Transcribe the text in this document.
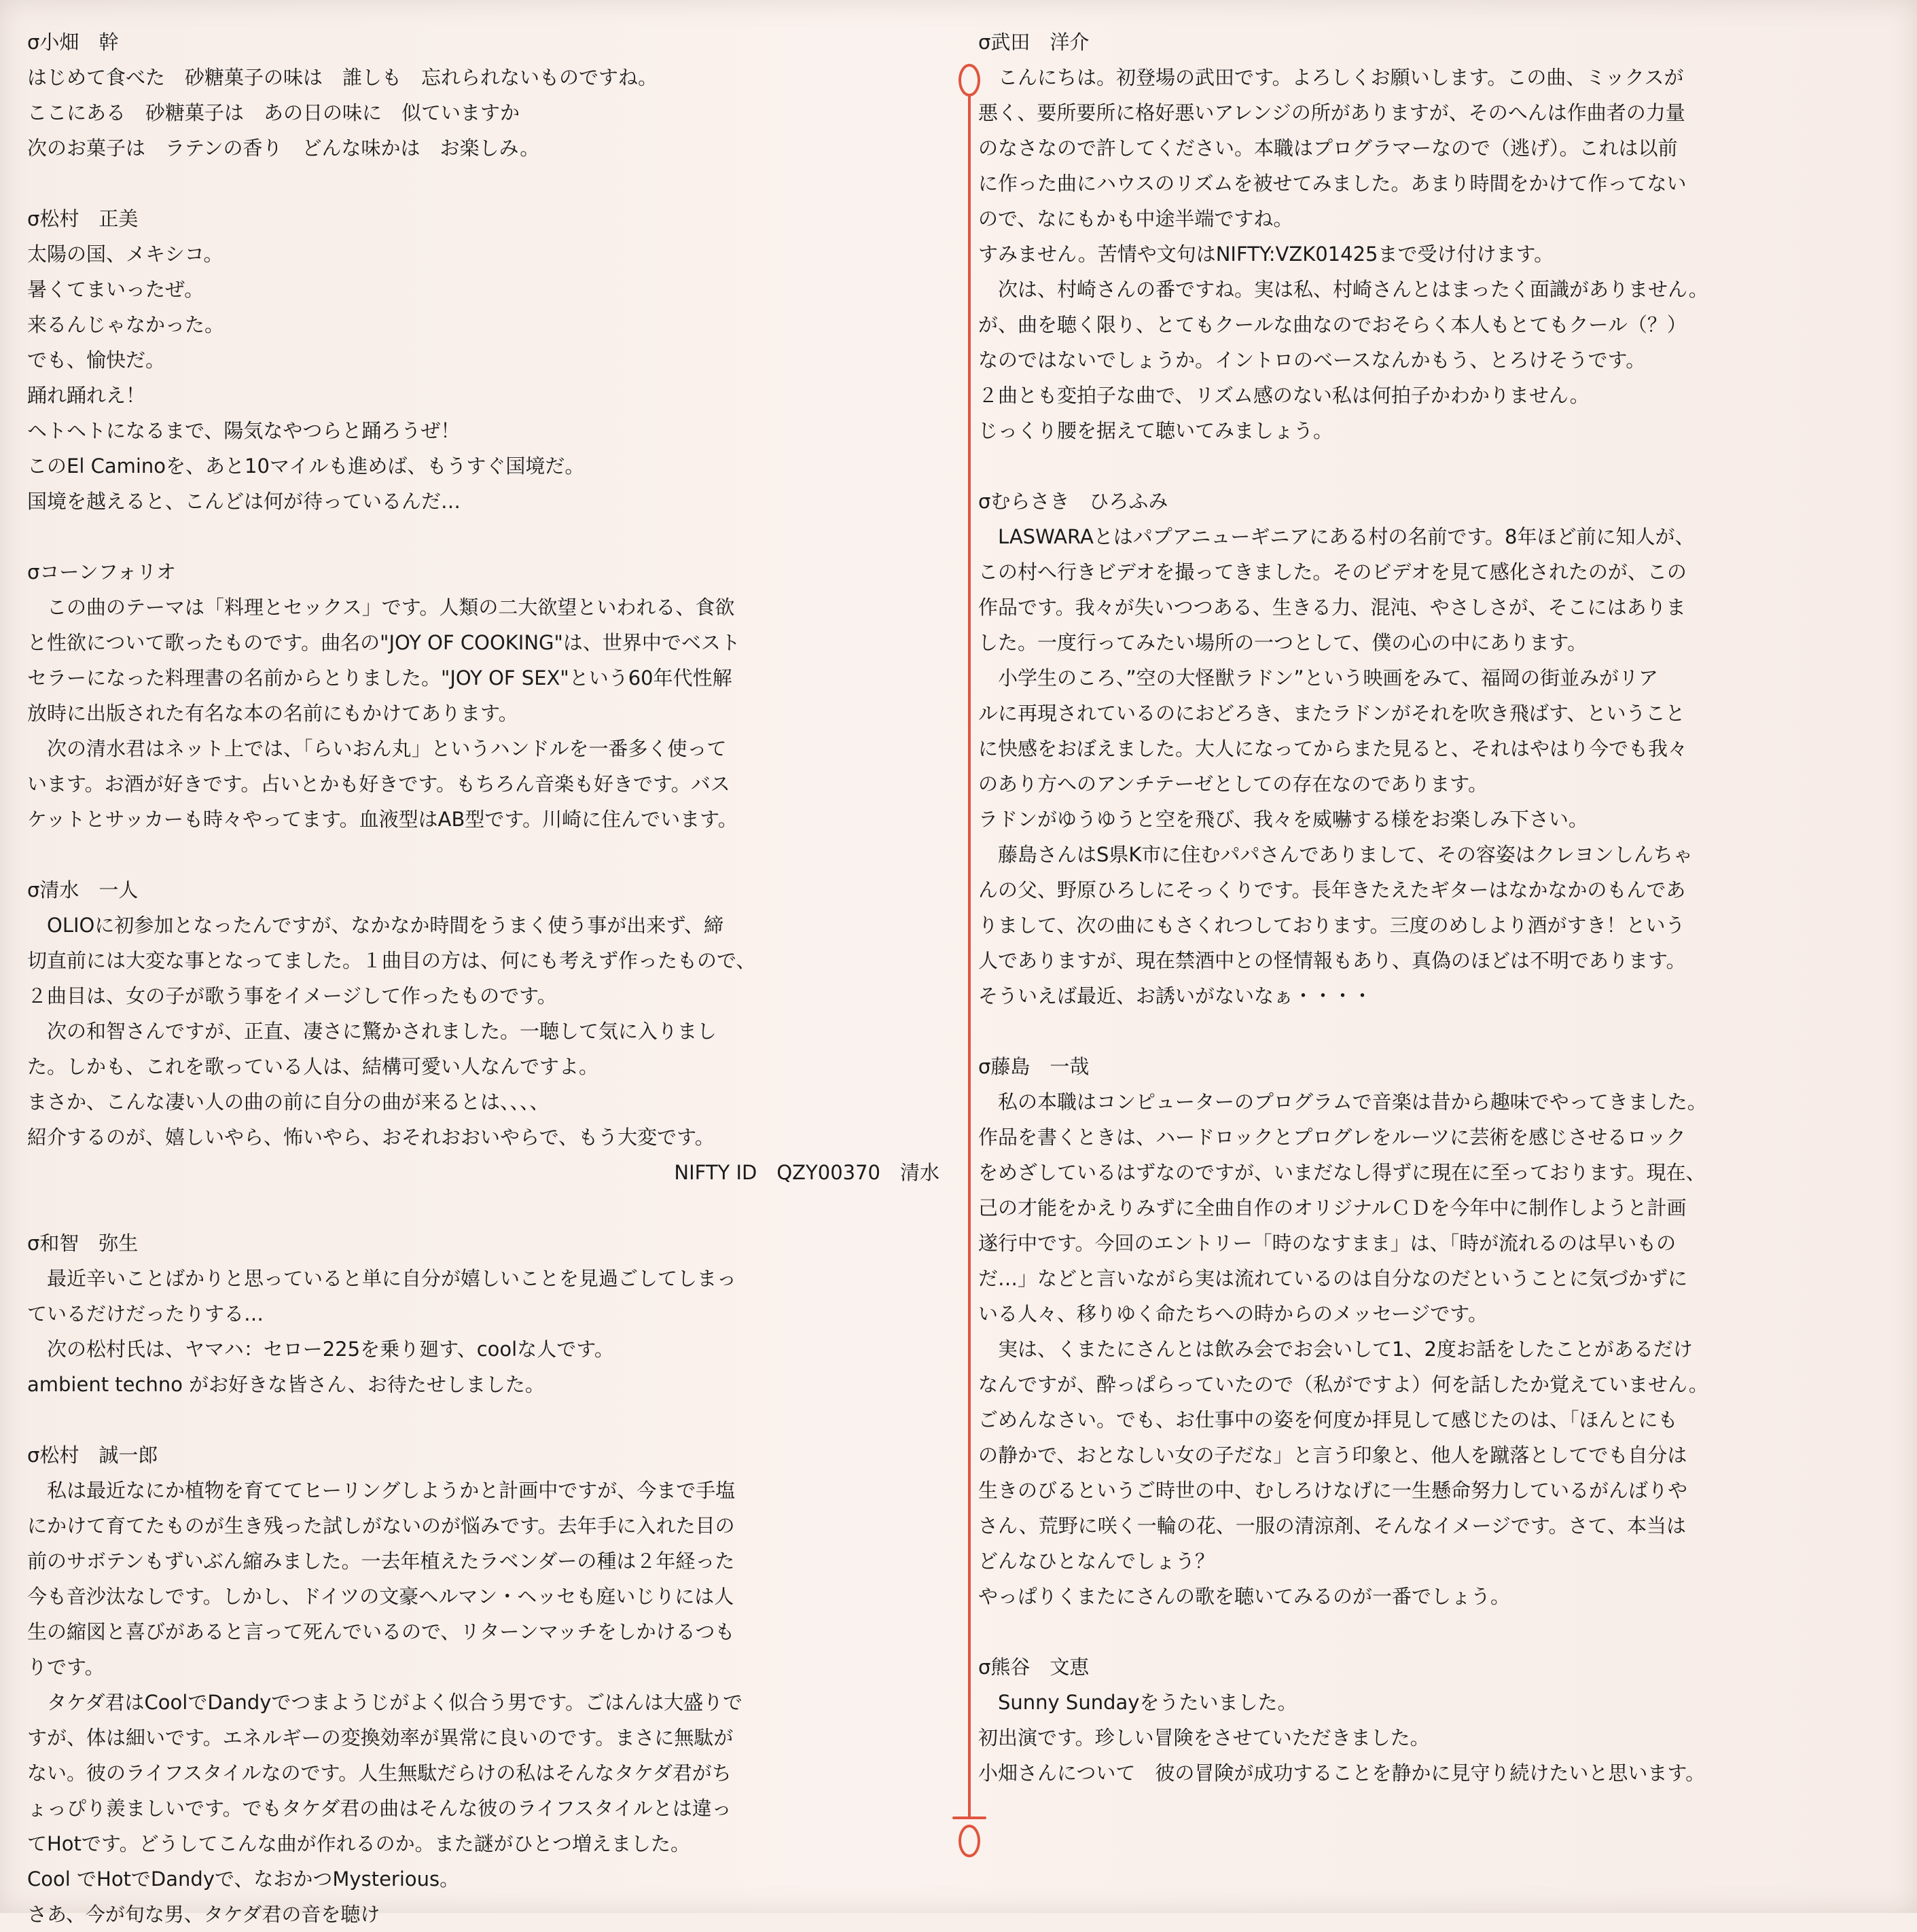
σ小畑　幹

はじめて食べた　砂糖菓子の味は　誰しも　忘れられないものですね。

ここにある　砂糖菓子は　あの日の味に　似ていますか

次のお菓子は　ラテンの香り　どんな味かは　お楽しみ。

σ松村　正美

太陽の国、メキシコ。

暑くてまいったぜ。

来るんじゃなかった。

でも、愉快だ。

踊れ踊れえ！

ヘトヘトになるまで、陽気なやつらと踊ろうぜ！

このEl Caminoを、あと10マイルも進めば、もうすぐ国境だ。

国境を越えると、こんどは何が待っているんだ…

σコーンフォリオ

　この曲のテーマは「料理とセックス」です。人類の二大欲望といわれる、食欲

と性欲について歌ったものです。曲名の"JOY OF COOKING"は、世界中でベスト

セラーになった料理書の名前からとりました。"JOY OF SEX"という60年代性解

放時に出版された有名な本の名前にもかけてあります。

　次の清水君はネット上では、「らいおん丸」というハンドルを一番多く使って

います。お酒が好きです。占いとかも好きです。もちろん音楽も好きです。バス

ケットとサッカーも時々やってます。血液型はAB型です。川崎に住んでいます。

σ清水　一人

　OLIOに初参加となったんですが、なかなか時間をうまく使う事が出来ず、締

切直前には大変な事となってました。１曲目の方は、何にも考えず作ったもので、

２曲目は、女の子が歌う事をイメージして作ったものです。

　次の和智さんですが、正直、凄さに驚かされました。一聴して気に入りまし

た。しかも、これを歌っている人は、結構可愛い人なんですよ。

まさか、こんな凄い人の曲の前に自分の曲が来るとは、、、、

紹介するのが、嬉しいやら、怖いやら、おそれおおいやらで、もう大変です。

NIFTY ID　QZY00370　清水

σ和智　弥生

　最近辛いことばかりと思っていると単に自分が嬉しいことを見過ごしてしまっ

ているだけだったりする…

　次の松村氏は、ヤマハ：セロー225を乗り廻す、coolな人です。

ambient techno がお好きな皆さん、お待たせしました。

σ松村　誠一郎

　私は最近なにか植物を育ててヒーリングしようかと計画中ですが、今まで手塩

にかけて育てたものが生き残った試しがないのが悩みです。去年手に入れた目の

前のサボテンもずいぶん縮みました。一去年植えたラベンダーの種は２年経った

今も音沙汰なしです。しかし、ドイツの文豪ヘルマン・ヘッセも庭いじりには人

生の縮図と喜びがあると言って死んでいるので、リターンマッチをしかけるつも

りです。

　タケダ君はCoolでDandyでつまようじがよく似合う男です。ごはんは大盛りで

すが、体は細いです。エネルギーの変換効率が異常に良いのです。まさに無駄が

ない。彼のライフスタイルなのです。人生無駄だらけの私はそんなタケダ君がち

ょっぴり羨ましいです。でもタケダ君の曲はそんな彼のライフスタイルとは違っ

てHotです。どうしてこんな曲が作れるのか。また謎がひとつ増えました。

Cool でHotでDandyで、なおかつMysterious。

さあ、今が旬な男、タケダ君の音を聴け

σ武田　洋介

　こんにちは。初登場の武田です。よろしくお願いします。この曲、ミックスが

悪く、要所要所に格好悪いアレンジの所がありますが、そのへんは作曲者の力量

のなさなので許してください。本職はプログラマーなので（逃げ）。これは以前

に作った曲にハウスのリズムを被せてみました。あまり時間をかけて作ってない

ので、なにもかも中途半端ですね。

すみません。苦情や文句はNIFTY:VZK01425まで受け付けます。

　次は、村崎さんの番ですね。実は私、村崎さんとはまったく面識がありません。

が、曲を聴く限り、とてもクールな曲なのでおそらく本人もとてもクール（？）

なのではないでしょうか。イントロのベースなんかもう、とろけそうです。

２曲とも変拍子な曲で、リズム感のない私は何拍子かわかりません。

じっくり腰を据えて聴いてみましょう。

σむらさき　ひろふみ

　LASWARAとはパプアニューギニアにある村の名前です。8年ほど前に知人が、

この村へ行きビデオを撮ってきました。そのビデオを見て感化されたのが、この

作品です。我々が失いつつある、生きる力、混沌、やさしさが、そこにはありま

した。一度行ってみたい場所の一つとして、僕の心の中にあります。

　小学生のころ、”空の大怪獣ラドン”という映画をみて、福岡の街並みがリア

ルに再現されているのにおどろき、またラドンがそれを吹き飛ばす、ということ

に快感をおぼえました。大人になってからまた見ると、それはやはり今でも我々

のあり方へのアンチテーゼとしての存在なのであります。

ラドンがゆうゆうと空を飛び、我々を威嚇する様をお楽しみ下さい。

　藤島さんはS県K市に住むパパさんでありまして、その容姿はクレヨンしんちゃ

んの父、野原ひろしにそっくりです。長年きたえたギターはなかなかのもんであ

りまして、次の曲にもさくれつしております。三度のめしより酒がすき！という

人でありますが、現在禁酒中との怪情報もあり、真偽のほどは不明であります。

そういえば最近、お誘いがないなぁ・・・・

σ藤島　一哉

　私の本職はコンピューターのプログラムで音楽は昔から趣味でやってきました。

作品を書くときは、ハードロックとプログレをルーツに芸術を感じさせるロック

をめざしているはずなのですが、いまだなし得ずに現在に至っております。現在、

己の才能をかえりみずに全曲自作のオリジナルＣＤを今年中に制作しようと計画

遂行中です。今回のエントリー「時のなすまま」は、「時が流れるのは早いもの

だ…」などと言いながら実は流れているのは自分なのだということに気づかずに

いる人々、移りゆく命たちへの時からのメッセージです。

　実は、くまたにさんとは飲み会でお会いして1、2度お話をしたことがあるだけ

なんですが、酔っぱらっていたので（私がですよ）何を話したか覚えていません。

ごめんなさい。でも、お仕事中の姿を何度か拝見して感じたのは、「ほんとにも

の静かで、おとなしい女の子だな」と言う印象と、他人を蹴落としてでも自分は

生きのびるというご時世の中、むしろけなげに一生懸命努力しているがんばりや

さん、荒野に咲く一輪の花、一服の清涼剤、そんなイメージです。さて、本当は

どんなひとなんでしょう？

やっぱりくまたにさんの歌を聴いてみるのが一番でしょう。

σ熊谷　文恵

　Sunny Sundayをうたいました。

初出演です。珍しい冒険をさせていただきました。

小畑さんについて　彼の冒険が成功することを静かに見守り続けたいと思います。
